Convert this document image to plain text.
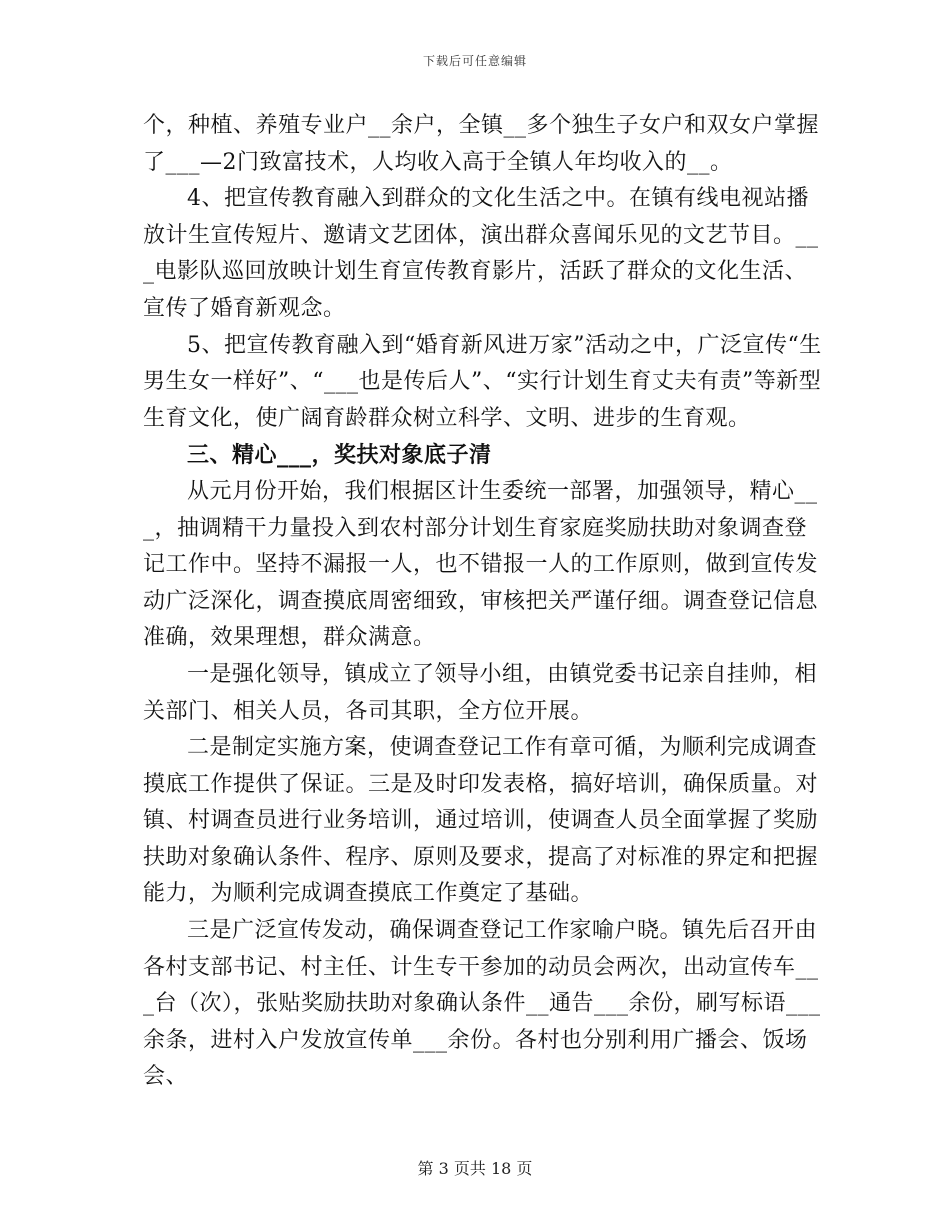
下载后可任意编辑

个，种植、养殖专业户__余户，全镇__多个独生子女户和双女户掌握了___—2门致富技术，人均收入高于全镇人年均收入的__。

4、把宣传教育融入到群众的文化生活之中。在镇有线电视站播放计生宣传短片、邀请文艺团体，演出群众喜闻乐见的文艺节目。___电影队巡回放映计划生育宣传教育影片，活跃了群众的文化生活、宣传了婚育新观念。

5、把宣传教育融入到“婚育新风进万家”活动之中，广泛宣传“生男生女一样好”、“___也是传后人”、“实行计划生育丈夫有责”等新型生育文化，使广阔育龄群众树立科学、文明、进步的生育观。

三、精心___，奖扶对象底子清

从元月份开始，我们根据区计生委统一部署，加强领导，精心___，抽调精干力量投入到农村部分计划生育家庭奖励扶助对象调查登记工作中。坚持不漏报一人，也不错报一人的工作原则，做到宣传发动广泛深化，调查摸底周密细致，审核把关严谨仔细。调查登记信息准确，效果理想，群众满意。

一是强化领导，镇成立了领导小组，由镇党委书记亲自挂帅，相关部门、相关人员，各司其职，全方位开展。

二是制定实施方案，使调查登记工作有章可循，为顺利完成调查摸底工作提供了保证。三是及时印发表格，搞好培训，确保质量。对镇、村调查员进行业务培训，通过培训，使调查人员全面掌握了奖励扶助对象确认条件、程序、原则及要求，提高了对标准的界定和把握能力，为顺利完成调查摸底工作奠定了基础。

三是广泛宣传发动，确保调查登记工作家喻户晓。镇先后召开由各村支部书记、村主任、计生专干参加的动员会两次，出动宣传车___台（次），张贴奖励扶助对象确认条件__通告___余份，刷写标语___余条，进村入户发放宣传单___余份。各村也分别利用广播会、饭场会、

第 3 页共 18 页
